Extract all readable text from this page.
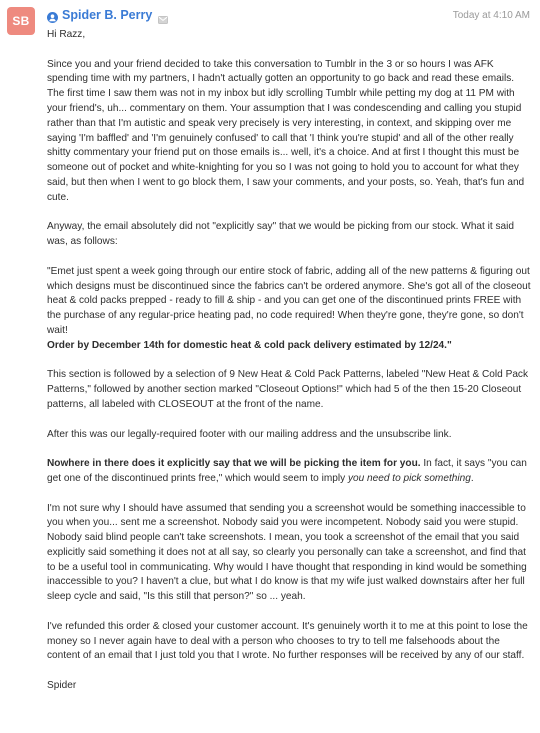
SB	Spider B. Perry	Today at 4:10 AM

Hi Razz,

Since you and your friend decided to take this conversation to Tumblr in the 3 or so hours I was AFK spending time with my partners, I hadn't actually gotten an opportunity to go back and read these emails. The first time I saw them was not in my inbox but idly scrolling Tumblr while petting my dog at 11 PM with your friend's, uh... commentary on them. Your assumption that I was condescending and calling you stupid rather than that I'm autistic and speak very precisely is very interesting, in context, and skipping over me saying 'I'm baffled' and 'I'm genuinely confused' to call that 'I think you're stupid' and all of the other really shitty commentary your friend put on those emails is... well, it's a choice. And at first I thought this must be someone out of pocket and white-knighting for you so I was not going to hold you to account for what they said, but then when I went to go block them, I saw your comments, and your posts, so. Yeah, that's fun and cute.

Anyway, the email absolutely did not "explicitly say" that we would be picking from our stock. What it said was, as follows:

"Emet just spent a week going through our entire stock of fabric, adding all of the new patterns & figuring out which designs must be discontinued since the fabrics can't be ordered anymore. She's got all of the closeout heat & cold packs prepped - ready to fill & ship - and you can get one of the discontinued prints FREE with the purchase of any regular-price heating pad, no code required! When they're gone, they're gone, so don't wait!
Order by December 14th for domestic heat & cold pack delivery estimated by 12/24."

This section is followed by a selection of 9 New Heat & Cold Pack Patterns, labeled "New Heat & Cold Pack Patterns," followed by another section marked "Closeout Options!" which had 5 of the then 15-20 Closeout patterns, all labeled with CLOSEOUT at the front of the name.

After this was our legally-required footer with our mailing address and the unsubscribe link.

Nowhere in there does it explicitly say that we will be picking the item for you. In fact, it says "you can get one of the discontinued prints free," which would seem to imply you need to pick something.

I'm not sure why I should have assumed that sending you a screenshot would be something inaccessible to you when you... sent me a screenshot. Nobody said you were incompetent. Nobody said you were stupid. Nobody said blind people can't take screenshots. I mean, you took a screenshot of the email that you said explicitly said something it does not at all say, so clearly you personally can take a screenshot, and find that to be a useful tool in communicating. Why would I have thought that responding in kind would be something inaccessible to you? I haven't a clue, but what I do know is that my wife just walked downstairs after her full sleep cycle and said, "Is this still that person?" so ... yeah.

I've refunded this order & closed your customer account. It's genuinely worth it to me at this point to lose the money so I never again have to deal with a person who chooses to try to tell me falsehoods about the content of an email that I just told you that I wrote. No further responses will be received by any of our staff.

Spider
